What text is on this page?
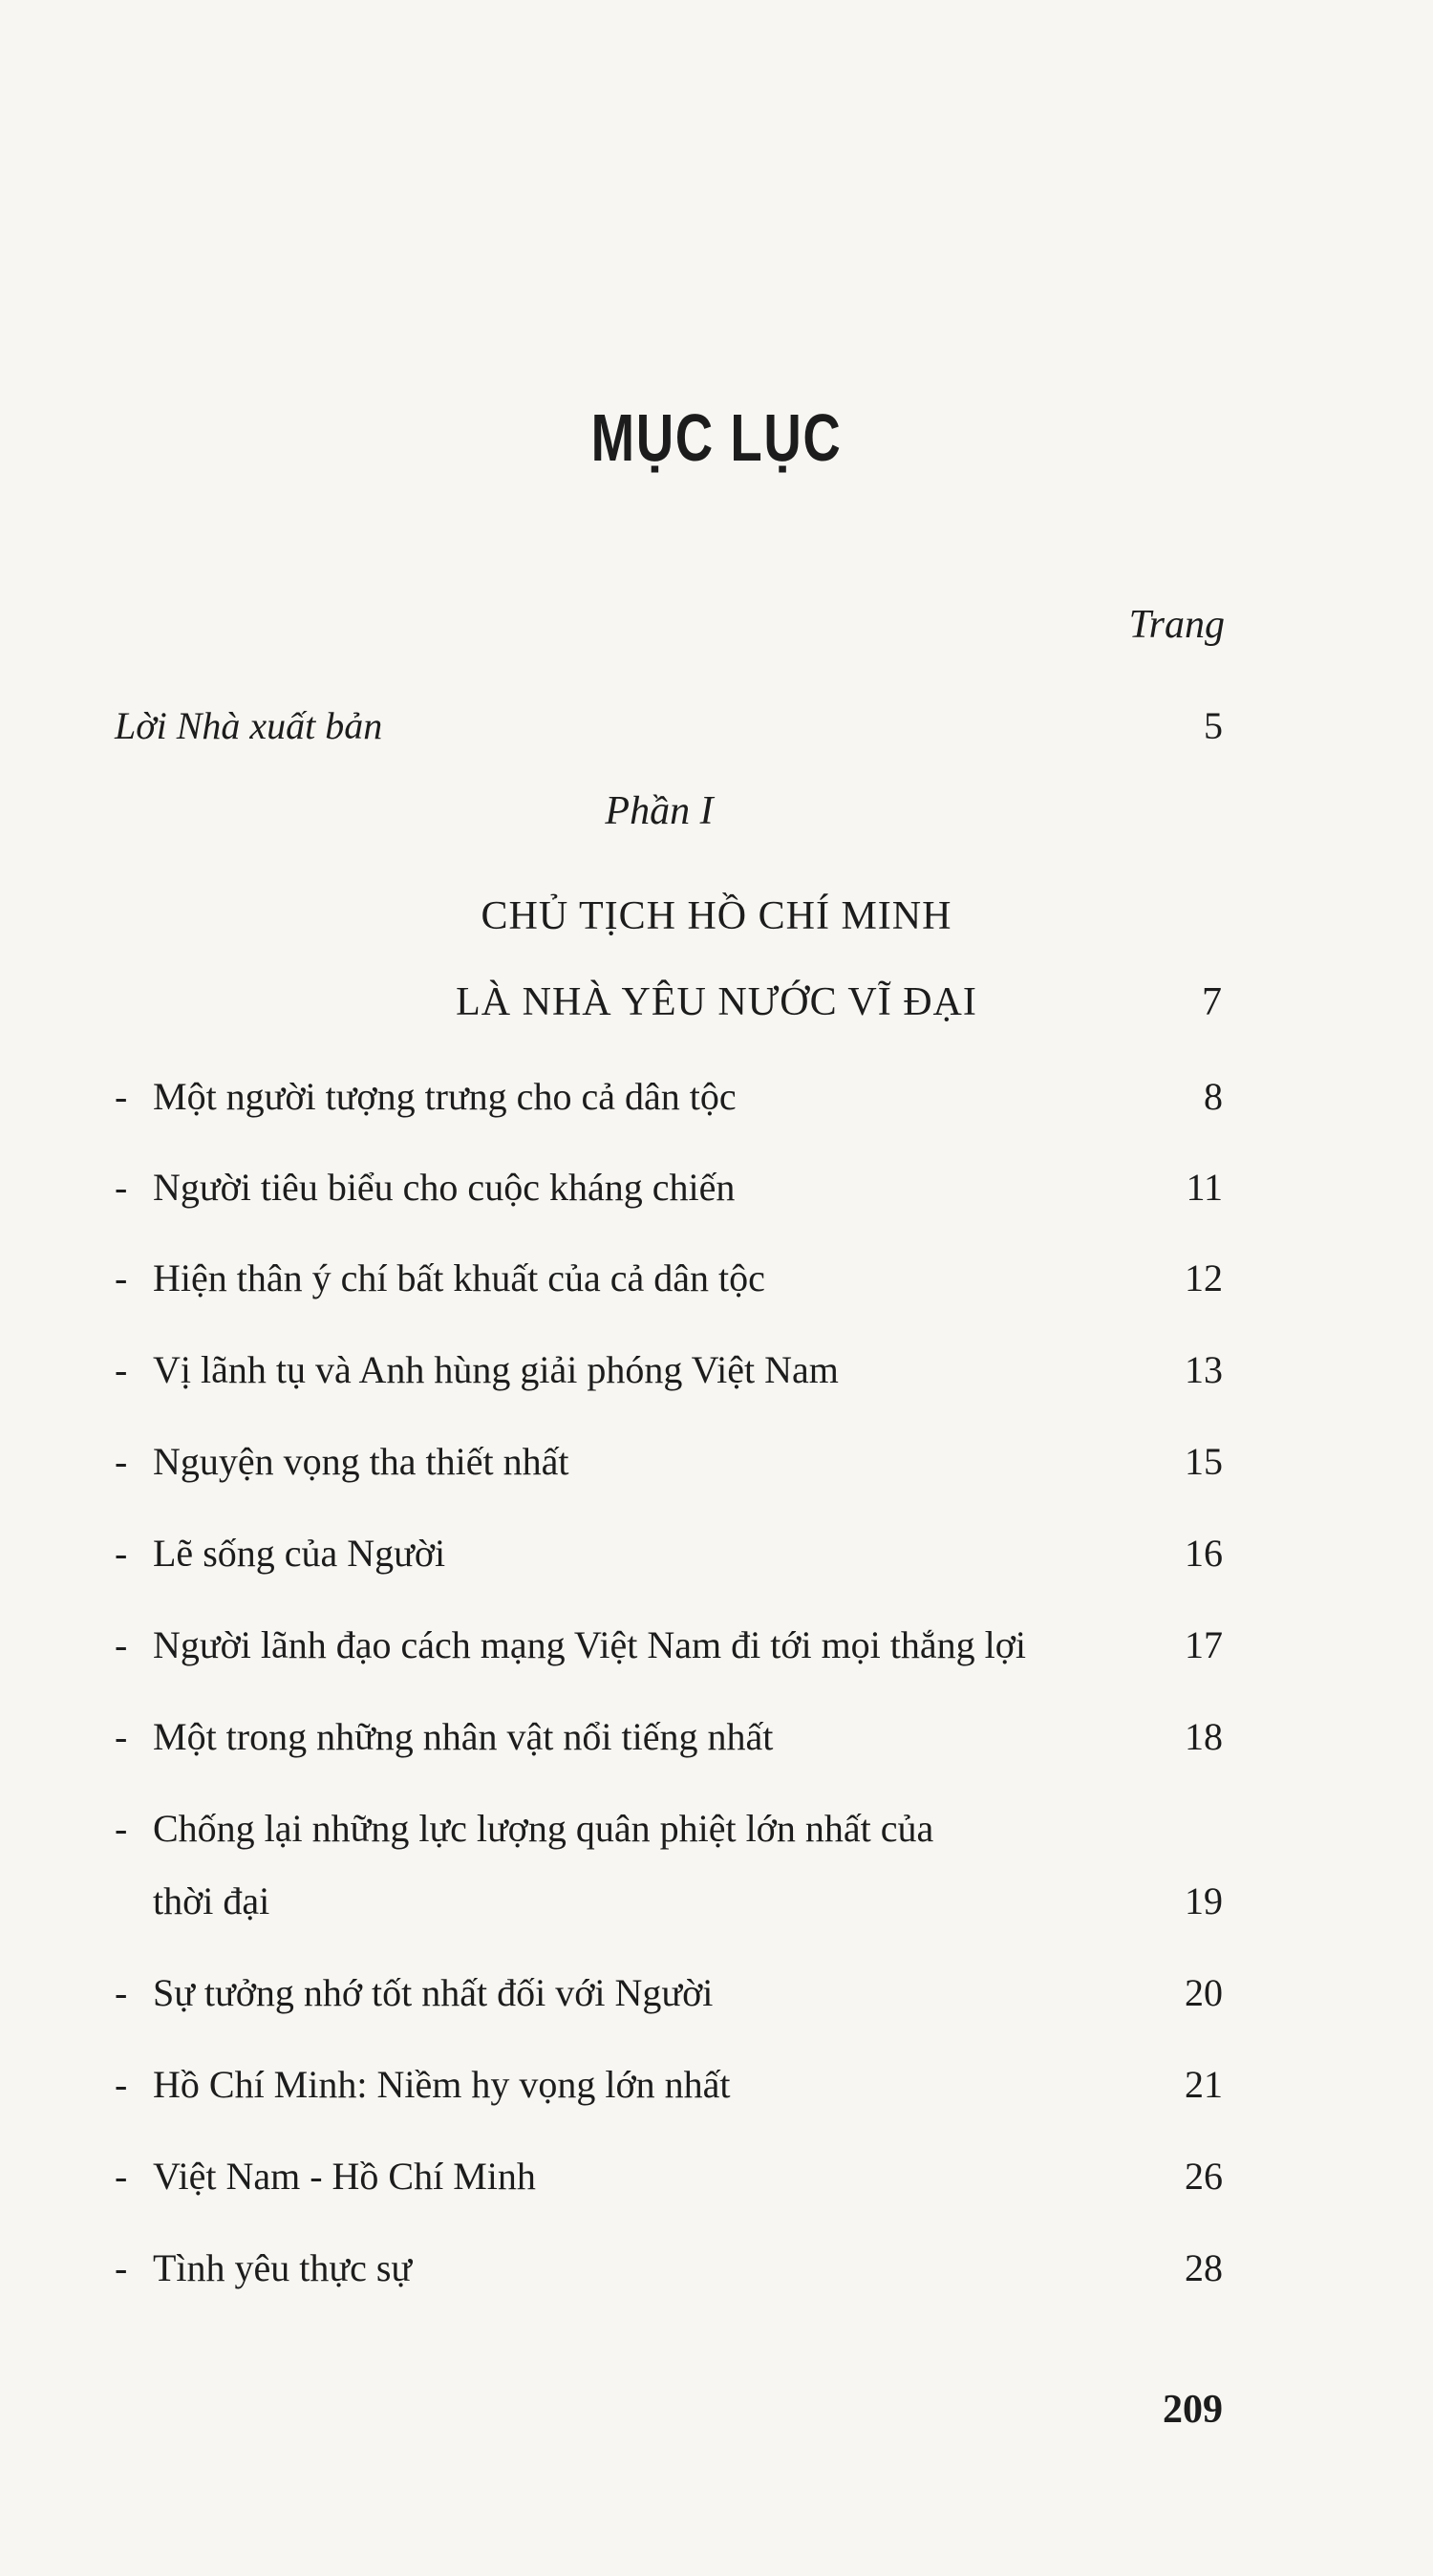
MỤC LỤC
Trang
Lời Nhà xuất bản	5
Phần I
CHỦ TỊCH HỒ CHÍ MINH
LÀ NHÀ YÊU NƯỚC VĨ ĐẠI	7
- Một người tượng trưng cho cả dân tộc	8
- Người tiêu biểu cho cuộc kháng chiến	11
- Hiện thân ý chí bất khuất của cả dân tộc	12
- Vị lãnh tụ và Anh hùng giải phóng Việt Nam	13
- Nguyện vọng tha thiết nhất	15
- Lẽ sống của Người	16
- Người lãnh đạo cách mạng Việt Nam đi tới mọi thắng lợi	17
- Một trong những nhân vật nổi tiếng nhất	18
- Chống lại những lực lượng quân phiệt lớn nhất của
thời đại	19
- Sự tưởng nhớ tốt nhất đối với Người	20
- Hồ Chí Minh: Niềm hy vọng lớn nhất	21
- Việt Nam - Hồ Chí Minh	26
- Tình yêu thực sự	28
209
